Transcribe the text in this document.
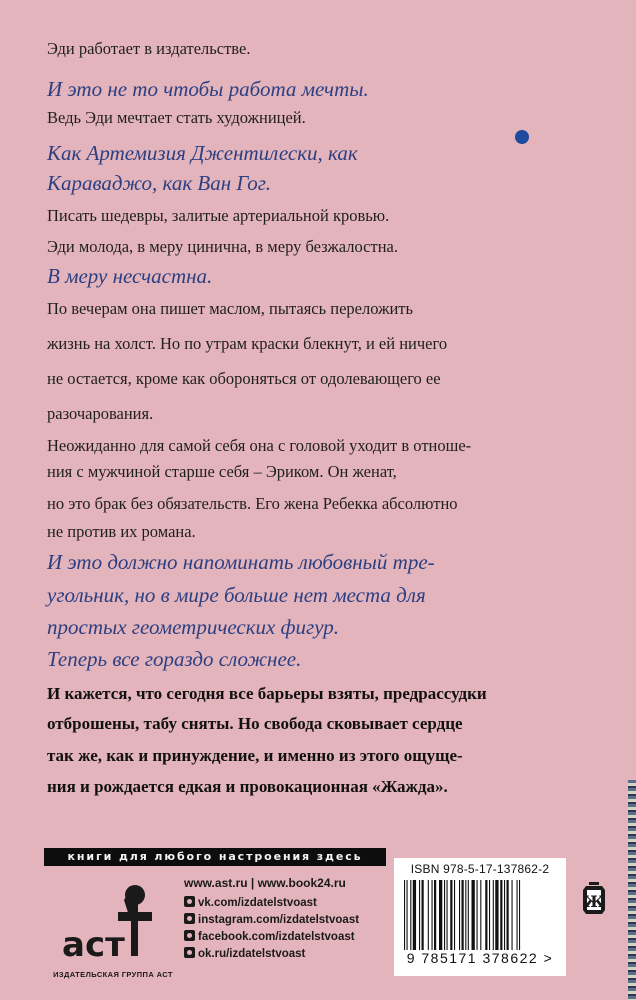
Эди работает в издательстве.
И это не то чтобы работа мечты.
Ведь Эди мечтает стать художницей.
Как Артемизия Джентилески, как
Караваджо, как Ван Гог.
Писать шедевры, залитые артериальной кровью.
Эди молода, в меру цинична, в меру безжалостна.
В меру несчастна.
По вечерам она пишет маслом, пытаясь переложить
жизнь на холст. Но по утрам краски блекнут, и ей ничего
не остается, кроме как обороняться от одолевающего ее
разочарования.
Неожиданно для самой себя она с головой уходит в отноше-
ния с мужчиной старше себя – Эриком. Он женат,
но это брак без обязательств. Его жена Ребекка абсолютно
не против их романа.
И это должно напоминать любовный тре-
угольник, но в мире больше нет места для
простых геометрических фигур.
Теперь все гораздо сложнее.
И кажется, что сегодня все барьеры взяты, предрассудки
отброшены, табу сняты. Но свобода сковывает сердце
так же, как и принуждение, и именно из этого ощуще-
ния и рождается едкая и провокационная «Жажда».
книги для любого настроения здесь
аст
ИЗДАТЕЛЬСКАЯ ГРУППА АСТ
www.ast.ru | www.book24.ru
vk.com/izdatelstvoast
instagram.com/izdatelstvoast
facebook.com/izdatelstvoast
ok.ru/izdatelstvoast
ISBN 978-5-17-137862-2
9 785171 378622 >
Ж
